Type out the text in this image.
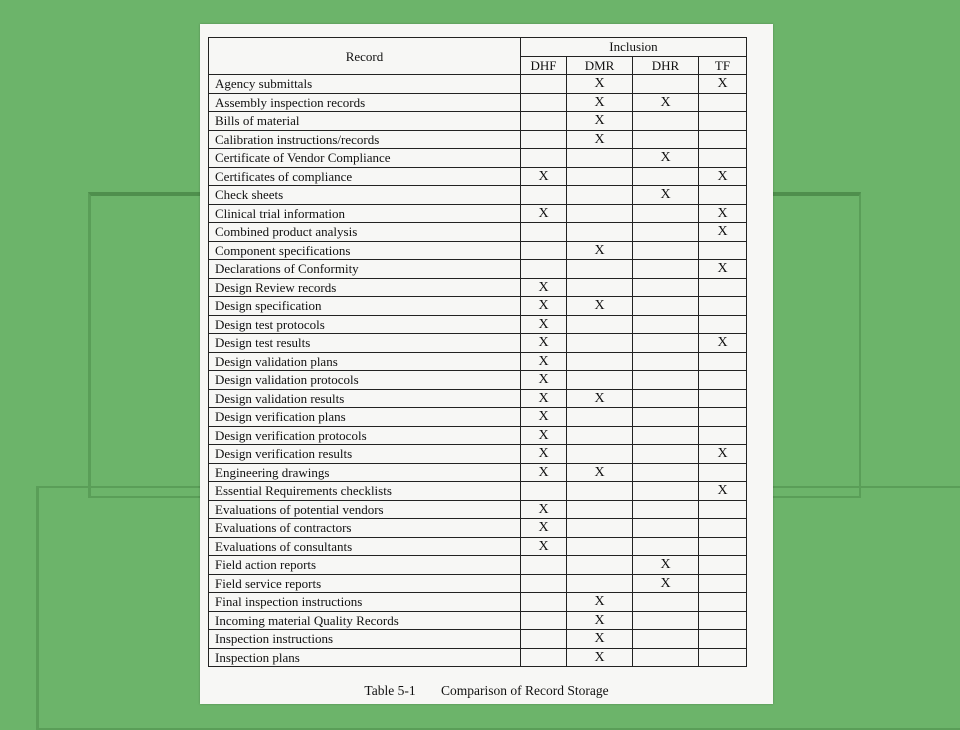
Record	Inclusion			
	DHF	DMR	DHR	TF
Agency submittals		X		X
Assembly inspection records		X	X	
Bills of material		X		
Calibration instructions/records		X		
Certificate of Vendor Compliance			X	
Certificates of compliance	X			X
Check sheets			X	
Clinical trial information	X			X
Combined product analysis				X
Component specifications		X		
Declarations of Conformity				X
Design Review records	X			
Design specification	X	X		
Design test protocols	X			
Design test results	X			X
Design validation plans	X			
Design validation protocols	X			
Design validation results	X	X		
Design verification plans	X			
Design verification protocols	X			
Design verification results	X			X
Engineering drawings	X	X		
Essential Requirements checklists				X
Evaluations of potential vendors	X			
Evaluations of contractors	X			
Evaluations of consultants	X			
Field action reports			X	
Field service reports			X	
Final inspection instructions		X		
Incoming material Quality Records		X		
Inspection instructions		X		
Inspection plans		X		
Table 5-1 Comparison of Record Storage
